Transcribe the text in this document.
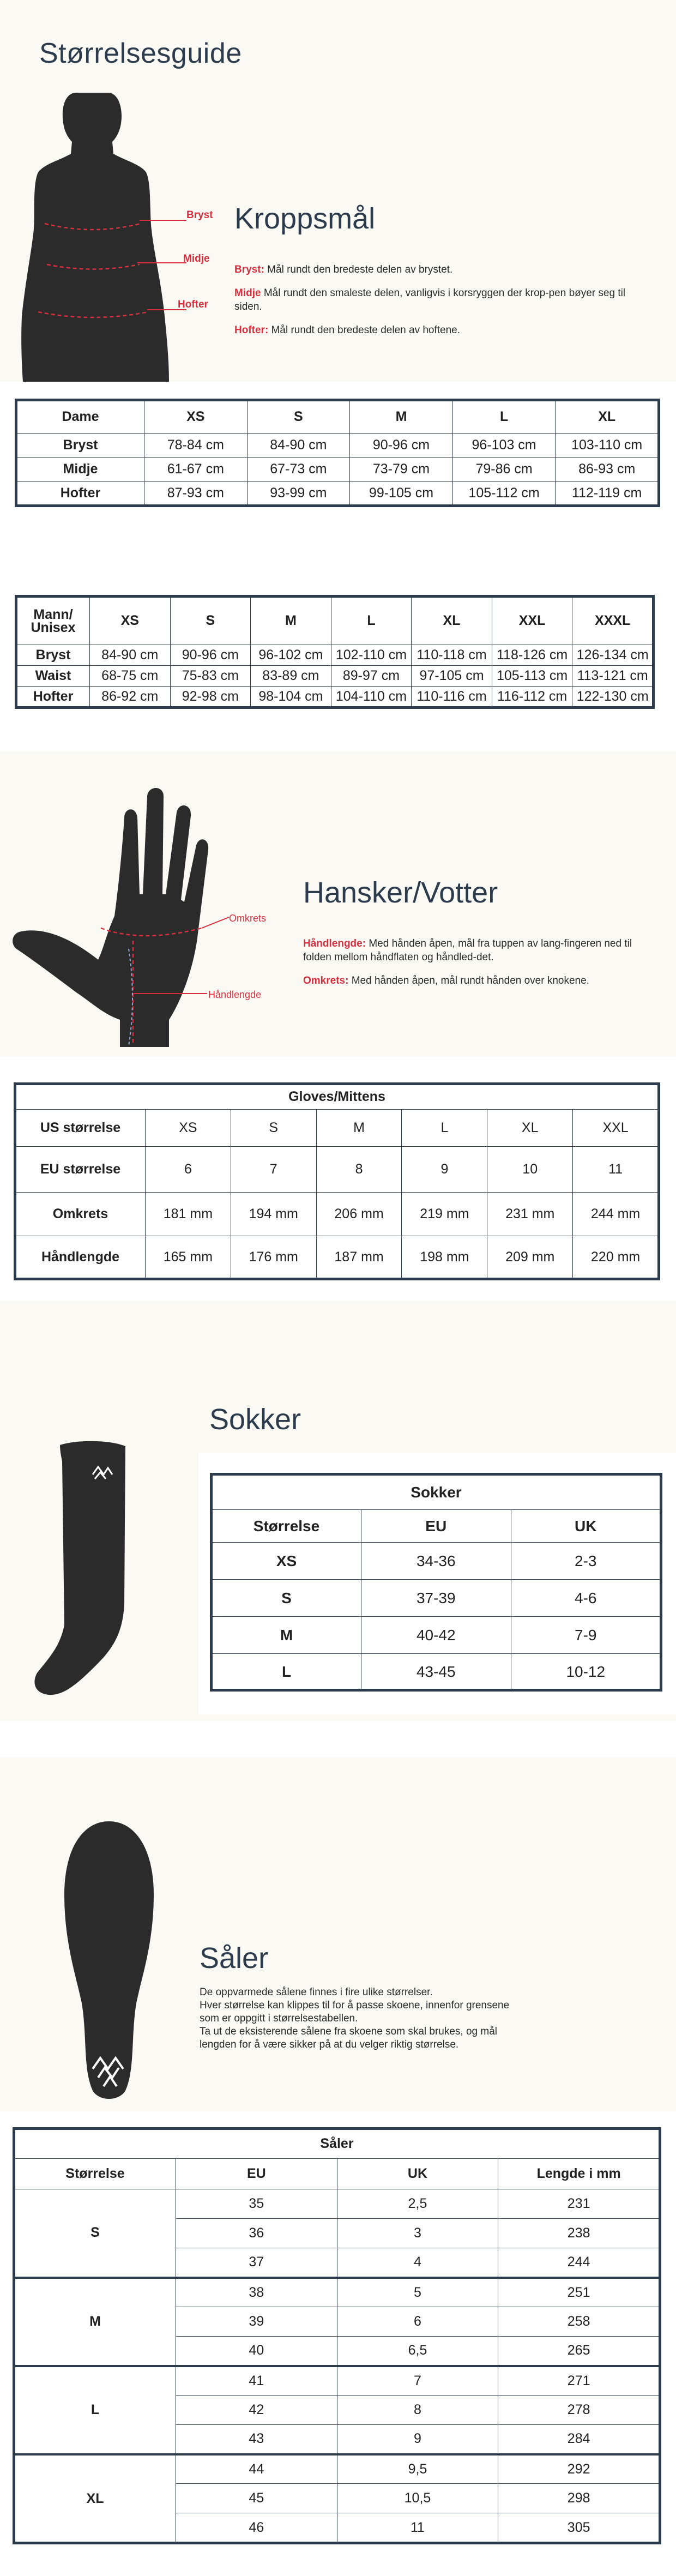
Størrelsesguide
Bryst
Midje
Hofter
Kroppsmål

Bryst: Mål rundt den bredeste delen av brystet.

Midje Mål rundt den smaleste delen, vanligvis i korsryggen der krop-pen bøyer seg til siden.

Hofter: Mål rundt den bredeste delen av hoftene.

Dame	XS	S	M	L	XL
Bryst	78-84 cm	84-90 cm	90-96 cm	96-103 cm	103-110 cm
Midje	61-67 cm	67-73 cm	73-79 cm	79-86 cm	86-93 cm
Hofter	87-93 cm	93-99 cm	99-105 cm	105-112 cm	112-119 cm
Mann/ Unisex	XS	S	M	L	XL	XXL	XXXL
Bryst	84-90 cm	90-96 cm	96-102 cm	102-110 cm	110-118 cm	118-126 cm	126-134 cm
Waist	68-75 cm	75-83 cm	83-89 cm	89-97 cm	97-105 cm	105-113 cm	113-121 cm
Hofter	86-92 cm	92-98 cm	98-104 cm	104-110 cm	110-116 cm	116-112 cm	122-130 cm
Omkrets
Håndlengde
Hansker/Votter

Håndlengde: Med hånden åpen, mål fra tuppen av lang-fingeren ned til folden mellom håndflaten og håndled-det.

Omkrets: Med hånden åpen, mål rundt hånden over knokene.

Gloves/Mittens						
US størrelse	XS	S	M	L	XL	XXL
EU størrelse	6	7	8	9	10	11
Omkrets	181 mm	194 mm	206 mm	219 mm	231 mm	244 mm
Håndlengde	165 mm	176 mm	187 mm	198 mm	209 mm	220 mm
Sokker
Sokker		
Størrelse	EU	UK
XS	34-36	2-3
S	37-39	4-6
M	40-42	7-9
L	43-45	10-12
Såler
De oppvarmede sålene finnes i fire ulike størrelser.
Hver størrelse kan klippes til for å passe skoene, innenfor grensene
som er oppgitt i størrelsestabellen.
Ta ut de eksisterende sålene fra skoene som skal brukes, og mål
lengden for å være sikker på at du velger riktig størrelse.
Såler			
Størrelse	EU	UK	Lengde i mm
S	35	2,5	231
	36	3	238
	37	4	244
M	38	5	251
	39	6	258
	40	6,5	265
L	41	7	271
	42	8	278
	43	9	284
XL	44	9,5	292
	45	10,5	298
	46	11	305
